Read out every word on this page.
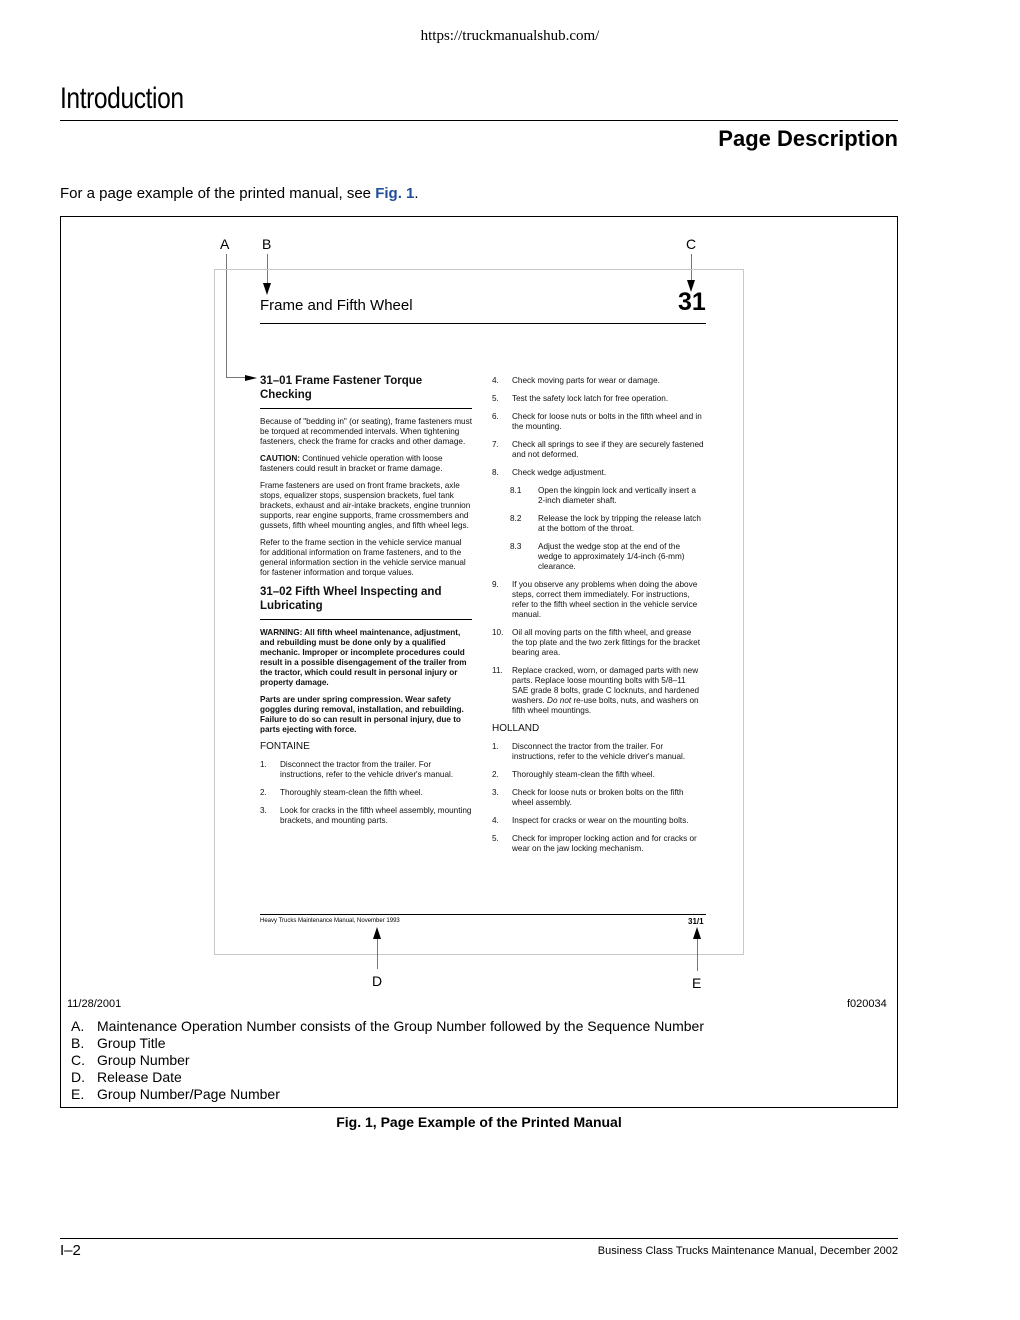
https://truckmanualshub.com/
Introduction
Page Description
For a page example of the printed manual, see Fig. 1.
A B	C
Frame and Fifth Wheel	31
31–01 Frame Fastener Torque Checking

Because of "bedding in" (or seating), frame fasteners must be torqued at recommended intervals. When tightening fasteners, check the frame for cracks and other damage.

CAUTION: Continued vehicle operation with loose fasteners could result in bracket or frame damage.

Frame fasteners are used on front frame brackets, axle stops, equalizer stops, suspension brackets, fuel tank brackets, exhaust and air-intake brackets, engine trunnion supports, rear engine supports, frame crossmembers and gussets, fifth wheel mounting angles, and fifth wheel legs.

Refer to the frame section in the vehicle service manual for additional information on frame fasteners, and to the general information section in the vehicle service manual for fastener information and torque values.

31–02 Fifth Wheel Inspecting and Lubricating

WARNING: All fifth wheel maintenance, adjustment, and rebuilding must be done only by a qualified mechanic. Improper or incomplete procedures could result in a possible disengagement of the trailer from the tractor, which could result in personal injury or property damage.

Parts are under spring compression. Wear safety goggles during removal, installation, and rebuilding. Failure to do so can result in personal injury, due to parts ejecting with force.

FONTAINE
1.	Disconnect the tractor from the trailer. For instructions, refer to the vehicle driver's manual.
2.	Thoroughly steam-clean the fifth wheel.
3.	Look for cracks in the fifth wheel assembly, mounting brackets, and mounting parts.
4.	Check moving parts for wear or damage.
5.	Test the safety lock latch for free operation.
6.	Check for loose nuts or bolts in the fifth wheel and in the mounting.
7.	Check all springs to see if they are securely fastened and not deformed.
8.	Check wedge adjustment.
8.1	Open the kingpin lock and vertically insert a 2-inch diameter shaft.
8.2	Release the lock by tripping the release latch at the bottom of the throat.
8.3	Adjust the wedge stop at the end of the wedge to approximately 1/4-inch (6-mm) clearance.
9.	If you observe any problems when doing the above steps, correct them immediately. For instructions, refer to the fifth wheel section in the vehicle service manual.
10.	Oil all moving parts on the fifth wheel, and grease the top plate and the two zerk fittings for the bracket bearing area.
11.	Replace cracked, worn, or damaged parts with new parts. Replace loose mounting bolts with 5/8–11 SAE grade 8 bolts, grade C locknuts, and hardened washers. Do not re-use bolts, nuts, and washers on fifth wheel mountings.
HOLLAND
1.	Disconnect the tractor from the trailer. For instructions, refer to the vehicle driver's manual.
2.	Thoroughly steam-clean the fifth wheel.
3.	Check for loose nuts or broken bolts on the fifth wheel assembly.
4.	Inspect for cracks or wear on the mounting bolts.
5.	Check for improper locking action and for cracks or wear on the jaw locking mechanism.
Heavy Trucks Maintenance Manual, November 1993	31/1
D	E
11/28/2001	f020034
A. Maintenance Operation Number consists of the Group Number followed by the Sequence Number
B. Group Title
C. Group Number
D. Release Date
E. Group Number/Page Number
Fig. 1, Page Example of the Printed Manual
I–2	Business Class Trucks Maintenance Manual, December 2002
